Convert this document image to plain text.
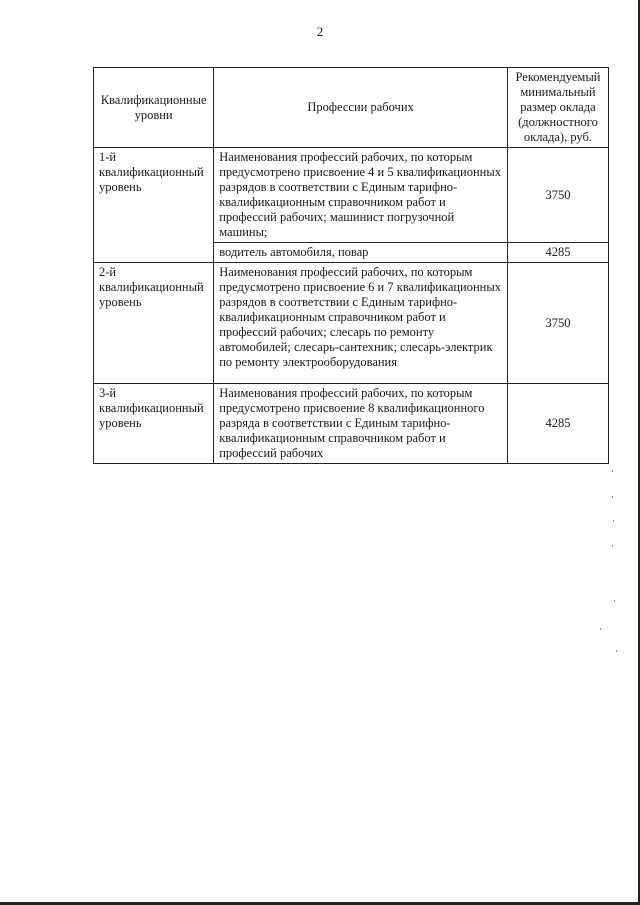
2
Квалификационные уровни	Профессии рабочих	Рекомендуемый минимальный размер оклада (должностного оклада), руб.
1-й квалификационный уровень	Наименования профессий рабочих, по которым предусмотрено присвоение 4 и 5 квалификационных разрядов в соответствии с Единым тарифно-квалификационным справочником работ и профессий рабочих; машинист погрузочной машины;	3750
	водитель автомобиля, повар	4285
2-й квалификационный уровень	Наименования профессий рабочих, по которым предусмотрено присвоение 6 и 7 квалификационных разрядов в соответствии с Единым тарифно-квалификационным справочником работ и профессий рабочих; слесарь по ремонту автомобилей; слесарь-сантехник; слесарь-электрик по ремонту электрооборудования	3750
3-й квалификационный уровень	Наименования профессий рабочих, по которым предусмотрено присвоение 8 квалификационного разряда в соответствии с Единым тарифно-квалификационным справочником работ и профессий рабочих	4285
